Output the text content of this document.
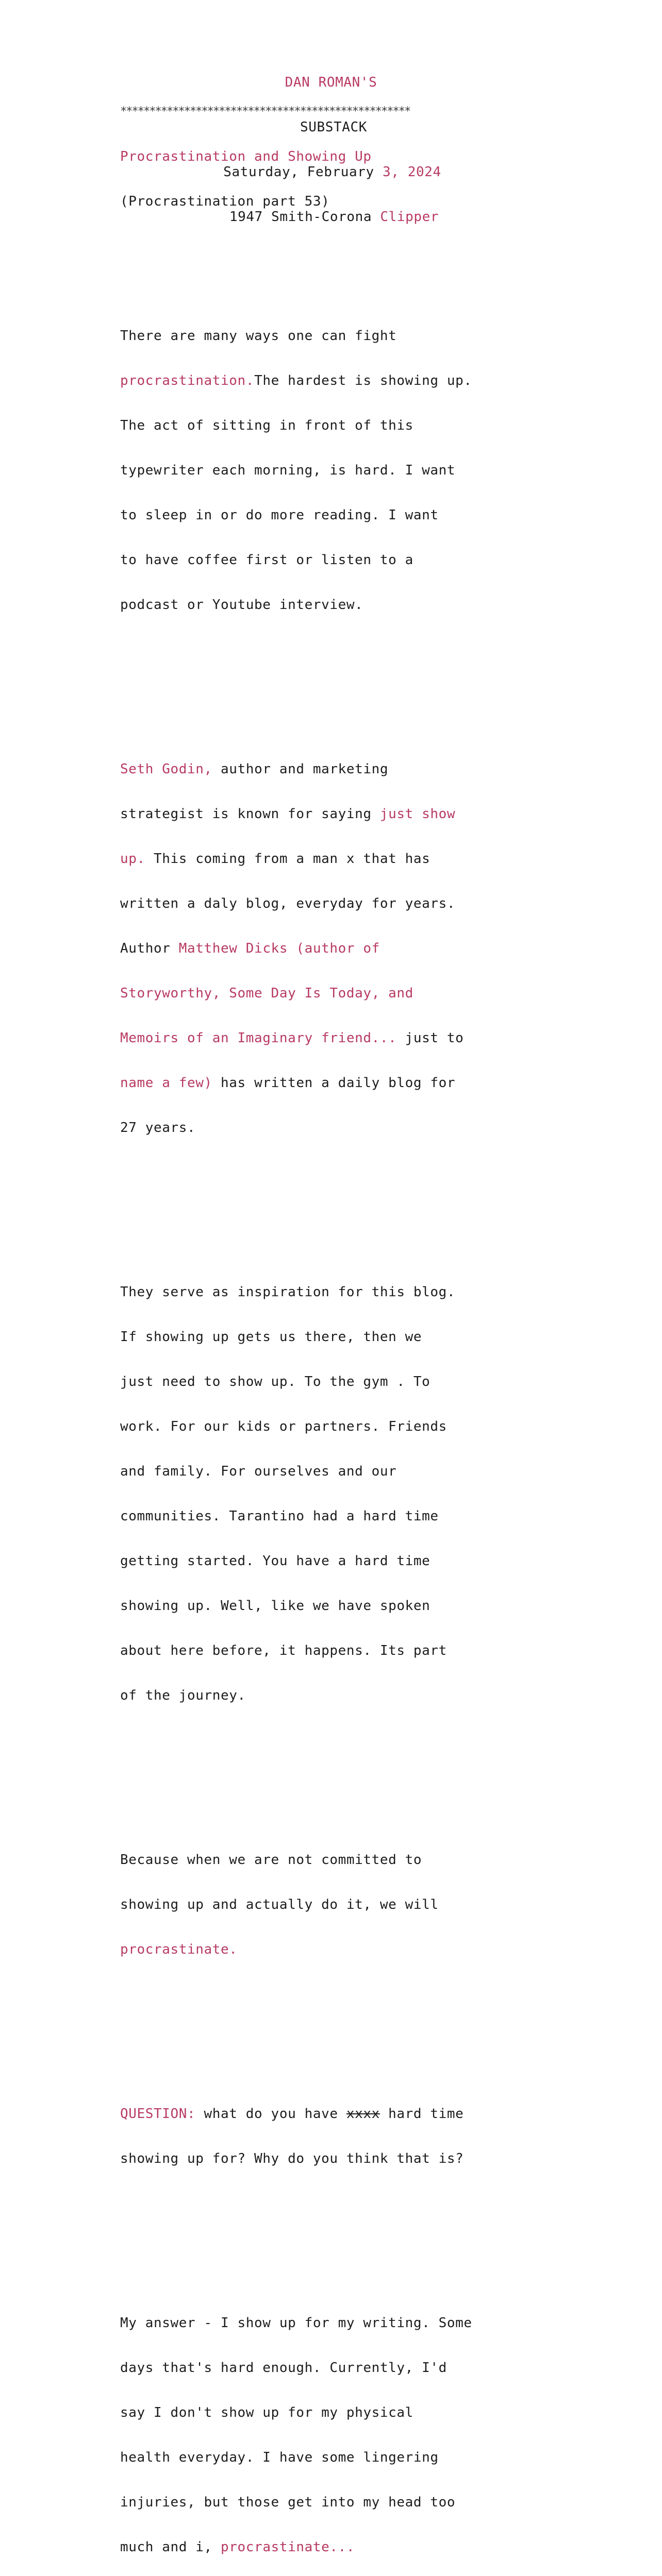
DAN ROMAN'S

SUBSTACK

Saturday, February 3, 2024

1947 Smith-Corona Clipper

**************************************************

Procrastination and Showing Up

(Procrastination part 53)

There are many ways one can fight

procrastination.The hardest is showing up.

The act of sitting in front of this

typewriter each morning, is hard. I want

to sleep in or do more reading. I want

to have coffee first or listen to a

podcast or Youtube interview.

Seth Godin, author and marketing

strategist is known for saying just show

up. This coming from a man x that has

written a daly blog, everyday for years.

Author Matthew Dicks (author of

Storyworthy, Some Day Is Today, and

Memoirs of an Imaginary friend... just to

name a few) has written a daily blog for

27 years.

They serve as inspiration for this blog.

If showing up gets us there, then we

just need to show up. To the gym . To

work. For our kids or partners. Friends

and family. For ourselves and our

communities. Tarantino had a hard time

getting started. You have a hard time

showing up. Well, like we have spoken

about here before, it happens. Its part

of the journey.

Because when we are not committed to

showing up and actually do it, we will

procrastinate.

QUESTION: what do you have xxxx hard time

showing up for? Why do you think that is?

My answer - I show up for my writing. Some

days that's hard enough. Currently, I'd

say I don't show up for my physical

health everyday. I have some lingering

injuries, but those get into my head too

much and i, procrastinate...
